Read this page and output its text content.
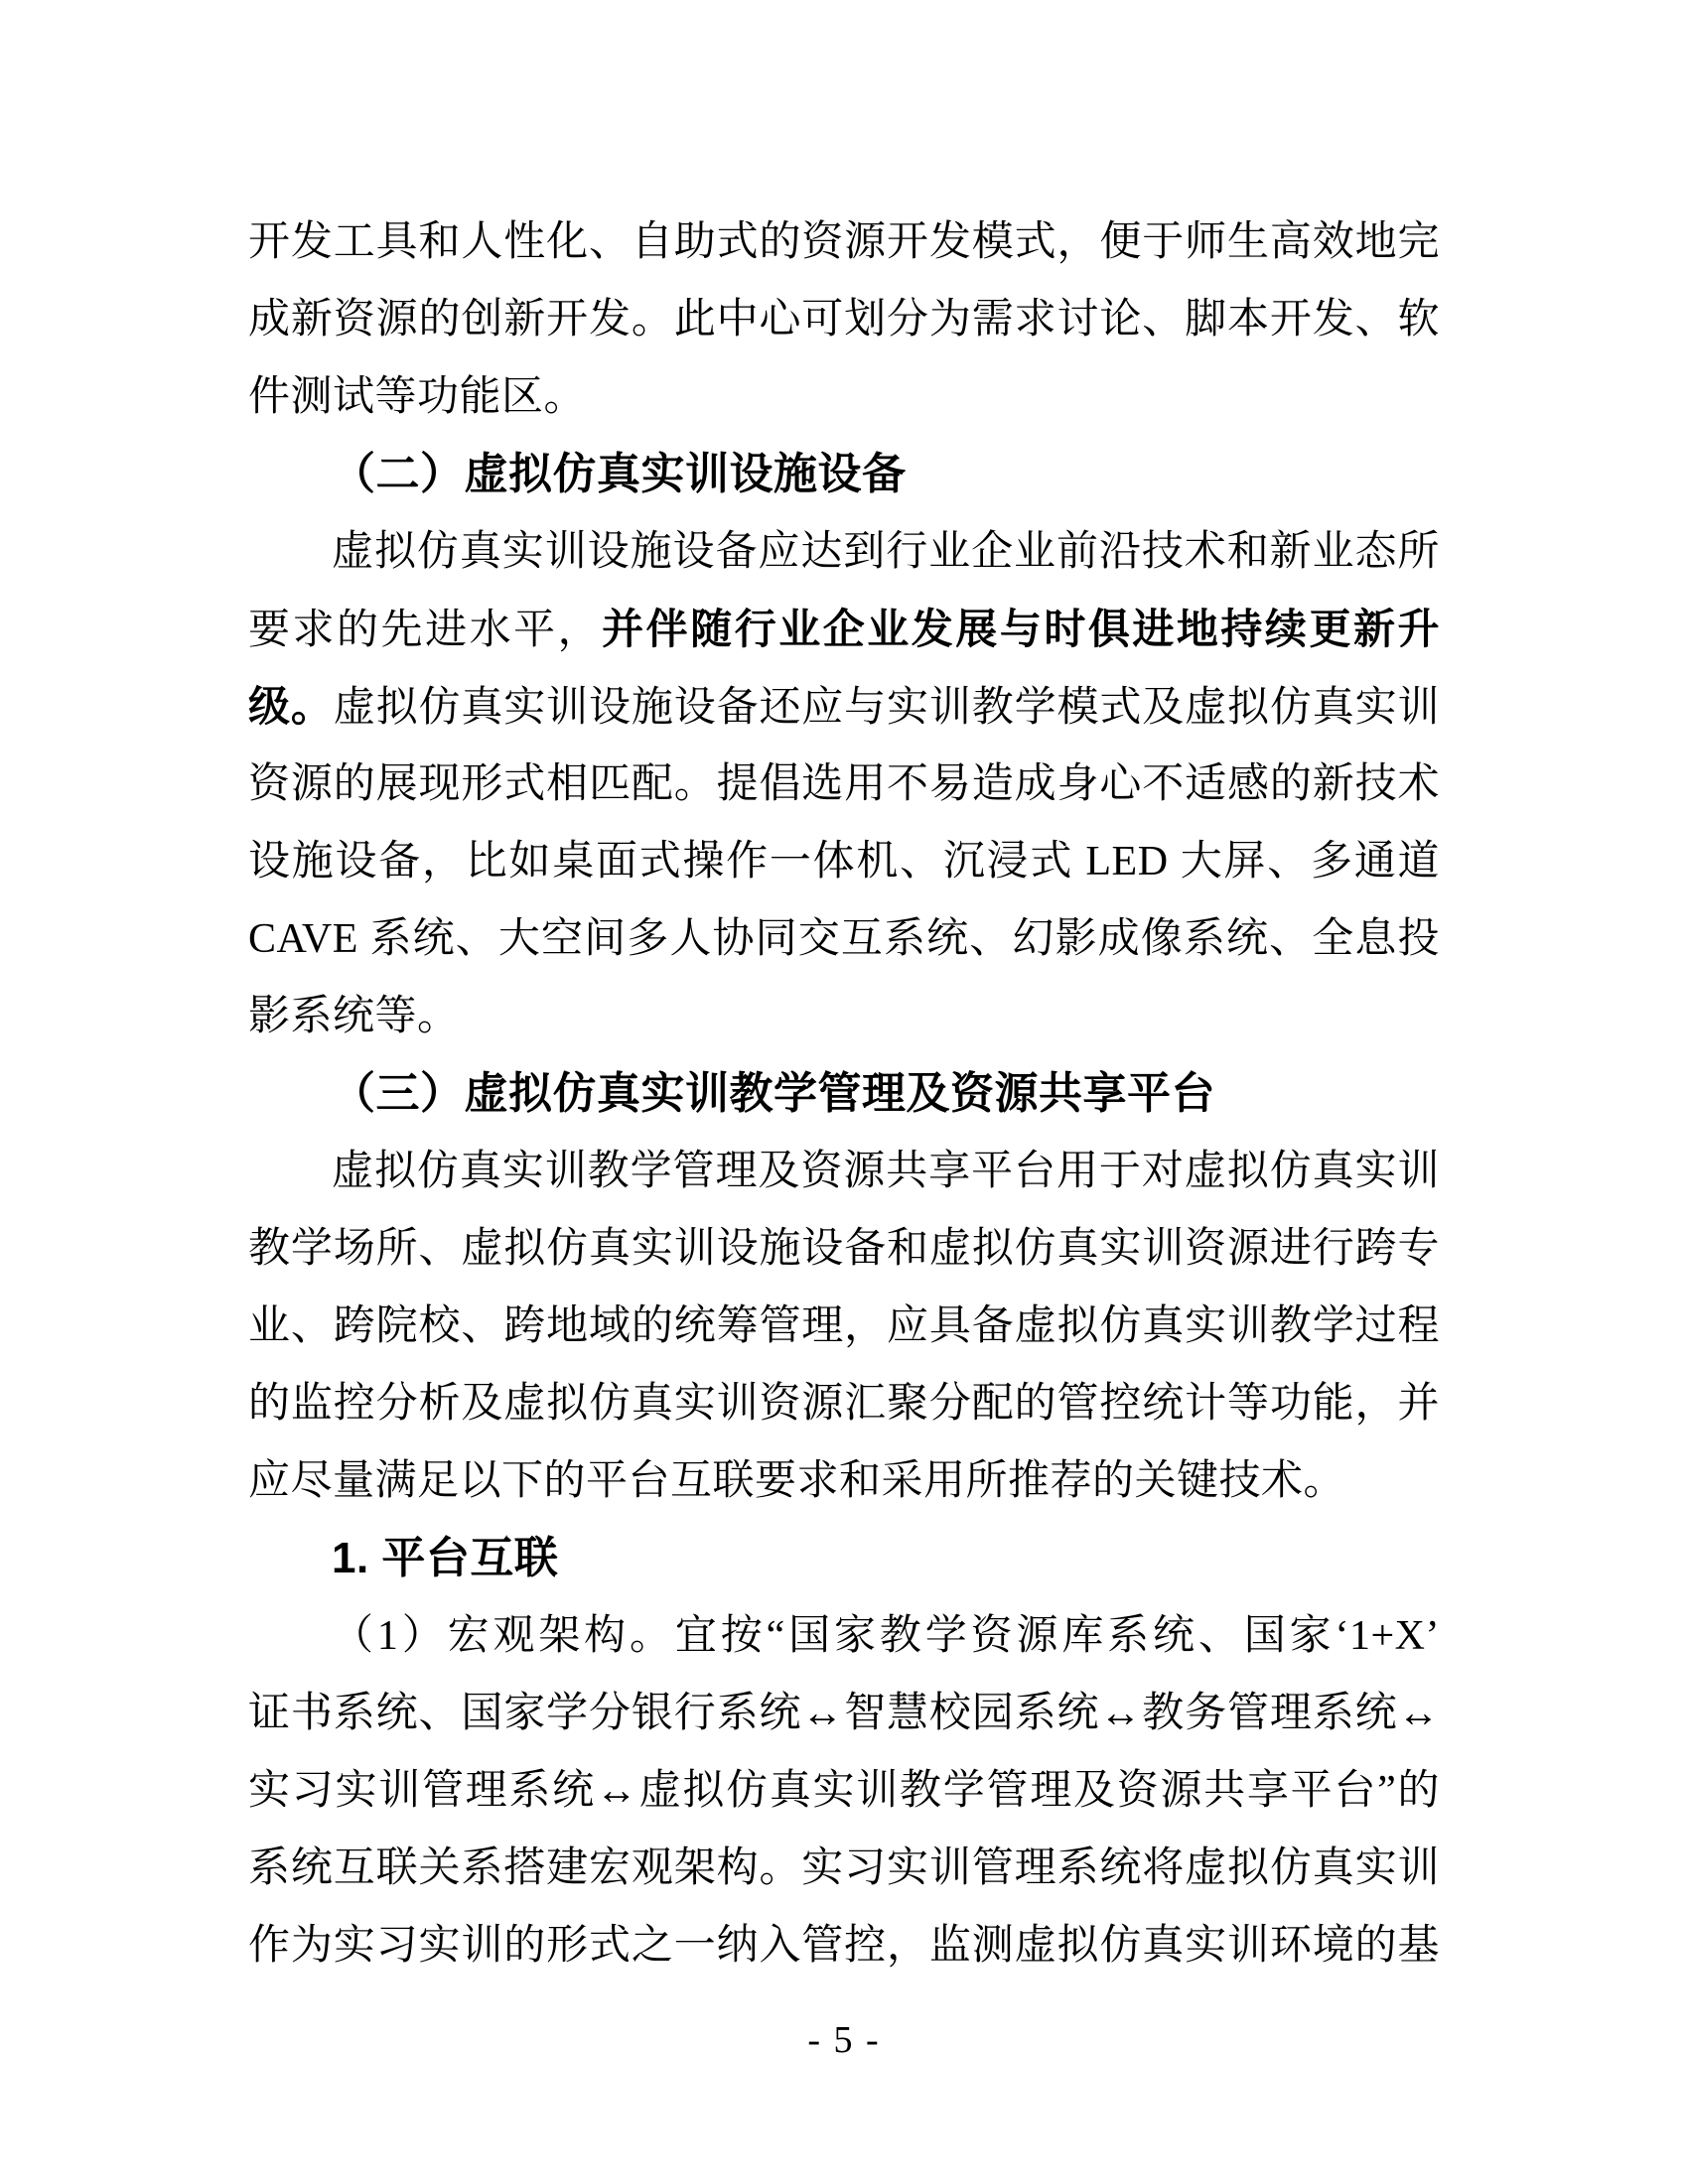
开发工具和人性化、自助式的资源开发模式，便于师生高效地完
成新资源的创新开发。此中心可划分为需求讨论、脚本开发、软
件测试等功能区。
（二）虚拟仿真实训设施设备
虚拟仿真实训设施设备应达到行业企业前沿技术和新业态所
要求的先进水平，并伴随行业企业发展与时俱进地持续更新升
级。虚拟仿真实训设施设备还应与实训教学模式及虚拟仿真实训
资源的展现形式相匹配。提倡选用不易造成身心不适感的新技术
设施设备，比如桌面式操作一体机、沉浸式 LED 大屏、多通道
CAVE 系统、大空间多人协同交互系统、幻影成像系统、全息投
影系统等。
（三）虚拟仿真实训教学管理及资源共享平台
虚拟仿真实训教学管理及资源共享平台用于对虚拟仿真实训
教学场所、虚拟仿真实训设施设备和虚拟仿真实训资源进行跨专
业、跨院校、跨地域的统筹管理，应具备虚拟仿真实训教学过程
的监控分析及虚拟仿真实训资源汇聚分配的管控统计等功能，并
应尽量满足以下的平台互联要求和采用所推荐的关键技术。
1. 平台互联
（1）宏观架构。宜按“国家教学资源库系统、国家‘1+X’
证书系统、国家学分银行系统↔智慧校园系统↔教务管理系统↔
实习实训管理系统↔虚拟仿真实训教学管理及资源共享平台”的
系统互联关系搭建宏观架构。实习实训管理系统将虚拟仿真实训
作为实习实训的形式之一纳入管控，监测虚拟仿真实训环境的基
- 5 -
